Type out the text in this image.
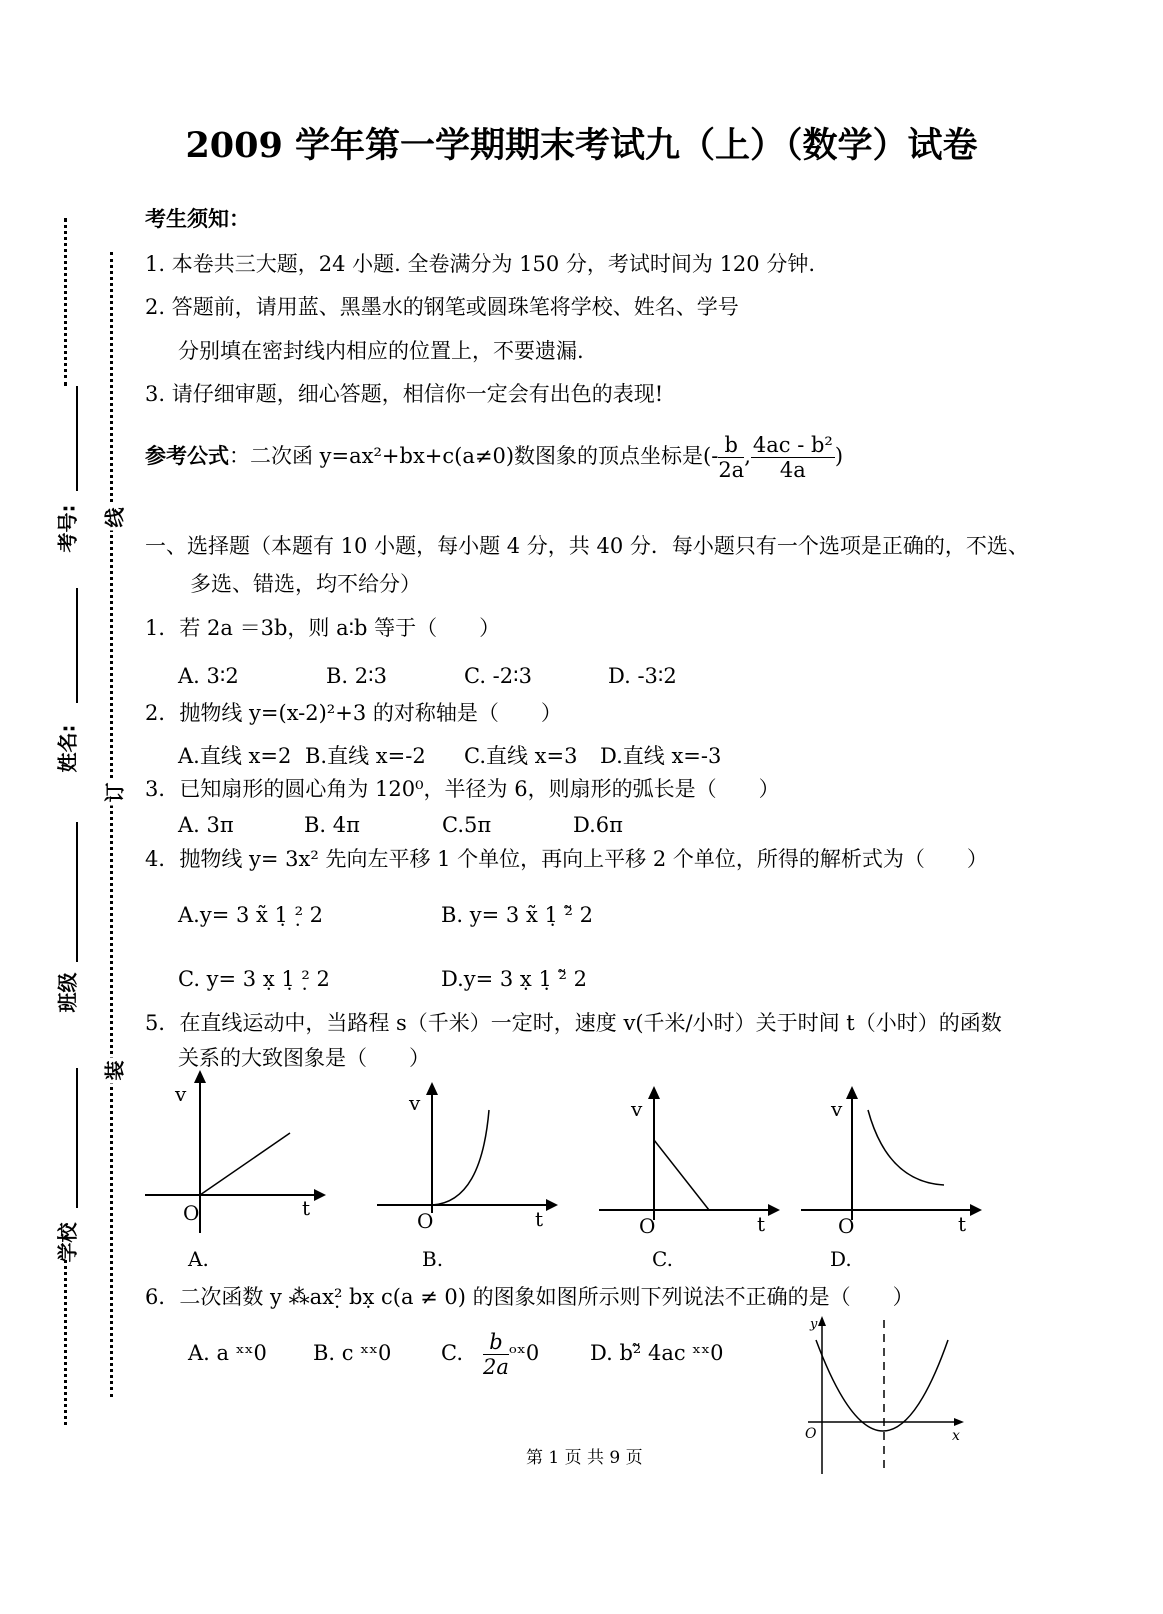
2009 学年第一学期期末考试九（上）（数学）试卷
考号:
姓名:
班级
学校
线
订
装
考生须知：
1. 本卷共三大题，24 小题. 全卷满分为 150 分，考试时间为 120 分钟.
2. 答题前，请用蓝、黑墨水的钢笔或圆珠笔将学校、姓名、学号
分别填在密封线内相应的位置上，不要遗漏.
3. 请仔细审题，细心答题，相信你一定会有出色的表现!
参考公式：二次函 y=ax²+bx+c(a≠0)数图象的顶点坐标是(- $\frac{b}{2a}$ , $\frac{\text{4ac - b²}}{4a}$ )
一、选择题（本题有 10 小题，每小题 4 分，共 40 分．每小题只有一个选项是正确的，不选、
多选、错选，均不给分）
1．若 2a ＝3b，则 a∶b 等于（　　）
A. 3∶2	B. 2∶3	C. -2∶3	D. -3∶2
2．抛物线 y=(x-2)²+3 的对称轴是（　　）
A.直线 x=2 B.直线 x=-2 C.直线 x=3 D.直线 x=-3
3．已知扇形的圆心角为 120⁰，半径为 6，则扇形的弧长是（　　）
A. 3π	B. 4π	C.5π	D.6π
4．抛物线 y= 3x² 先向左平移 1 个单位，再向上平移 2 个单位，所得的解析式为（　　）
A.y= 3 x̃ 1̣ ²̣ 2	B. y= 3 x̃ 1̣ ²̃ 2
C. y= 3 x̣ 1̣ ²̣ 2	D.y= 3 x̣ 1̣ ²̃ 2
5．在直线运动中，当路程 s（千米）一定时，速度 v(千米/小时）关于时间 t（小时）的函数
关系的大致图象是（　　）
v
O	t
A.
v
O	t
B.
v
O	t
C.
v
O	t
D.
6．二次函数 y ⁂ax²̣ bx̣ c(a ≠ 0) 的图象如图所示则下列说法不正确的是（　　）
A. a ˣˣ0 B. c ˣˣ0 C. $\frac{b}{2a}$ ᵒˣ0 D. b²̃ 4ac ˣˣ0
y
x
O
第 1 页 共 9 页
